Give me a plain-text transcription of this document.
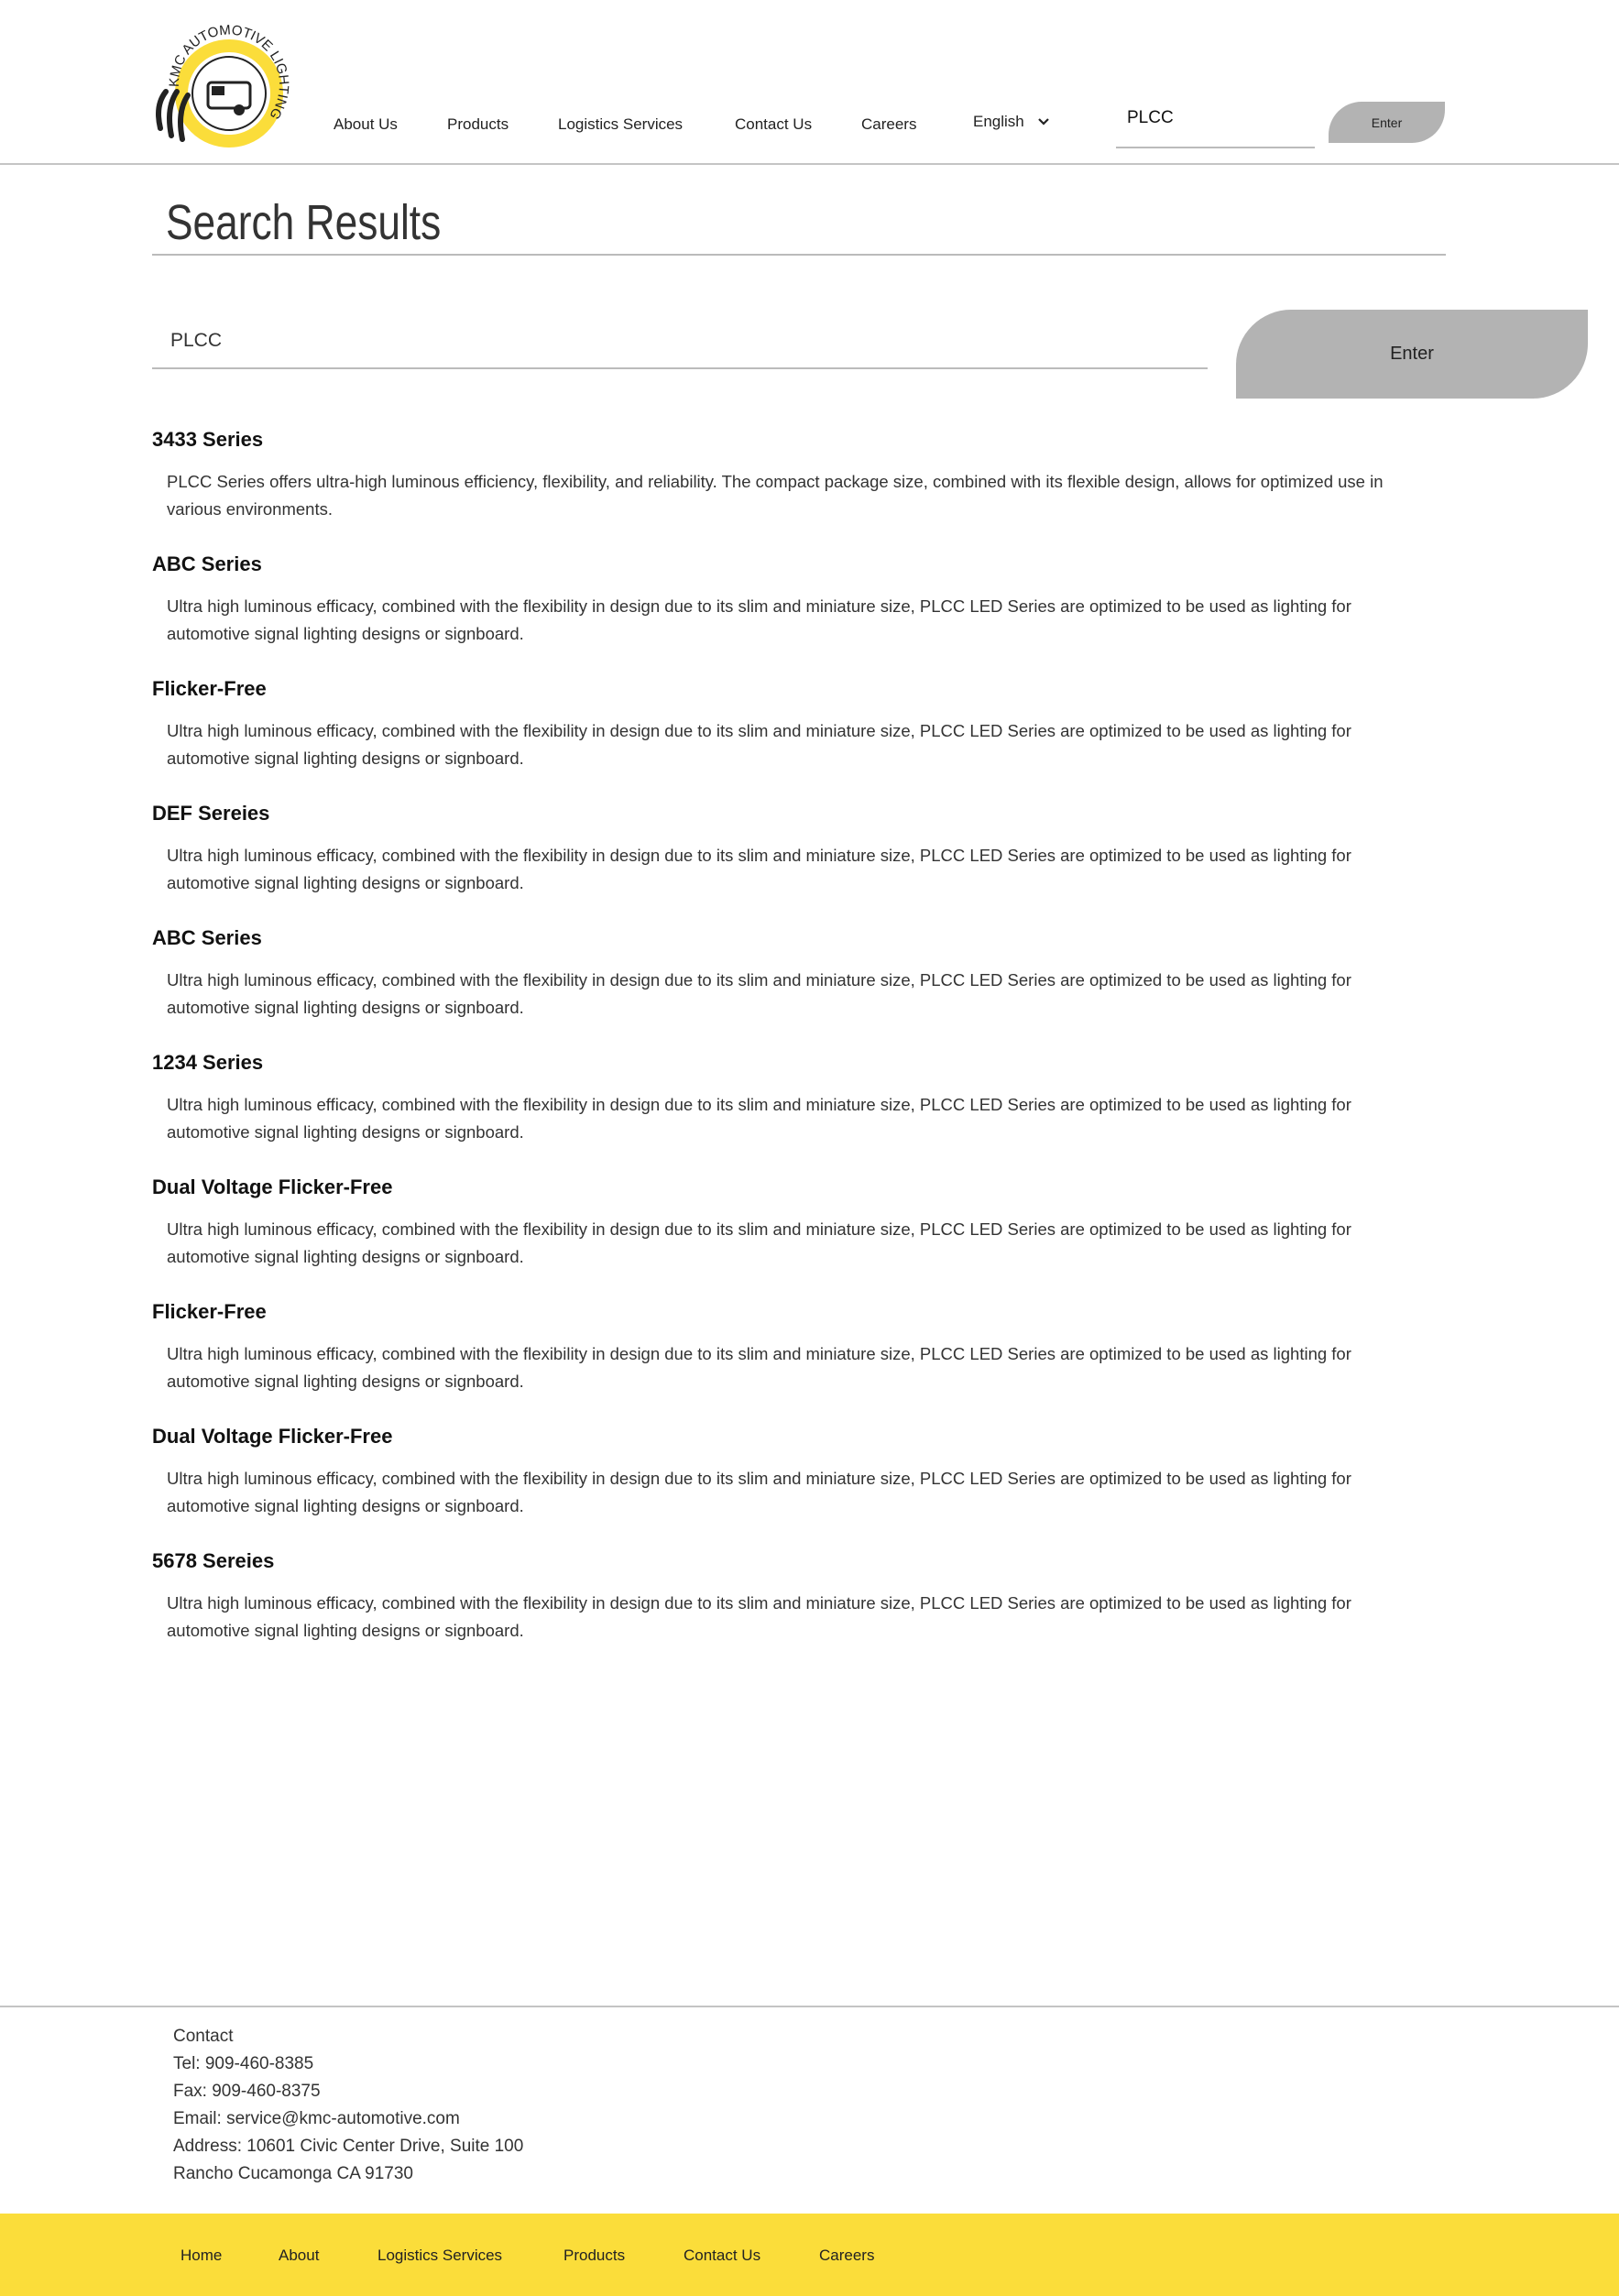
KMC AUTOMOTIVE LIGHTING
About Us	Products	Logistics Services	Contact Us	Careers	English	PLCC	Enter
Search Results
PLCC
Enter
3433 Series

PLCC Series offers ultra-high luminous efficiency, flexibility, and reliability. The compact package size, combined with its flexible design, allows for optimized use in various environments.

ABC Series

Ultra high luminous efficacy, combined with the flexibility in design due to its slim and miniature size, PLCC LED Series are optimized to be used as lighting for automotive signal lighting designs or signboard.

Flicker-Free

Ultra high luminous efficacy, combined with the flexibility in design due to its slim and miniature size, PLCC LED Series are optimized to be used as lighting for automotive signal lighting designs or signboard.

DEF Sereies

Ultra high luminous efficacy, combined with the flexibility in design due to its slim and miniature size, PLCC LED Series are optimized to be used as lighting for automotive signal lighting designs or signboard.

ABC Series

Ultra high luminous efficacy, combined with the flexibility in design due to its slim and miniature size, PLCC LED Series are optimized to be used as lighting for automotive signal lighting designs or signboard.

1234 Series

Ultra high luminous efficacy, combined with the flexibility in design due to its slim and miniature size, PLCC LED Series are optimized to be used as lighting for automotive signal lighting designs or signboard.

Dual Voltage Flicker-Free

Ultra high luminous efficacy, combined with the flexibility in design due to its slim and miniature size, PLCC LED Series are optimized to be used as lighting for automotive signal lighting designs or signboard.

Flicker-Free

Ultra high luminous efficacy, combined with the flexibility in design due to its slim and miniature size, PLCC LED Series are optimized to be used as lighting for automotive signal lighting designs or signboard.

Dual Voltage Flicker-Free

Ultra high luminous efficacy, combined with the flexibility in design due to its slim and miniature size, PLCC LED Series are optimized to be used as lighting for automotive signal lighting designs or signboard.

5678 Sereies

Ultra high luminous efficacy, combined with the flexibility in design due to its slim and miniature size, PLCC LED Series are optimized to be used as lighting for automotive signal lighting designs or signboard.

Contact
Tel: 909-460-8385
Fax: 909-460-8375
Email: service@kmc-automotive.com
Address: 10601 Civic Center Drive, Suite 100
Rancho Cucamonga CA 91730
Home	About	Logistics Services	Products	Contact Us	Careers
